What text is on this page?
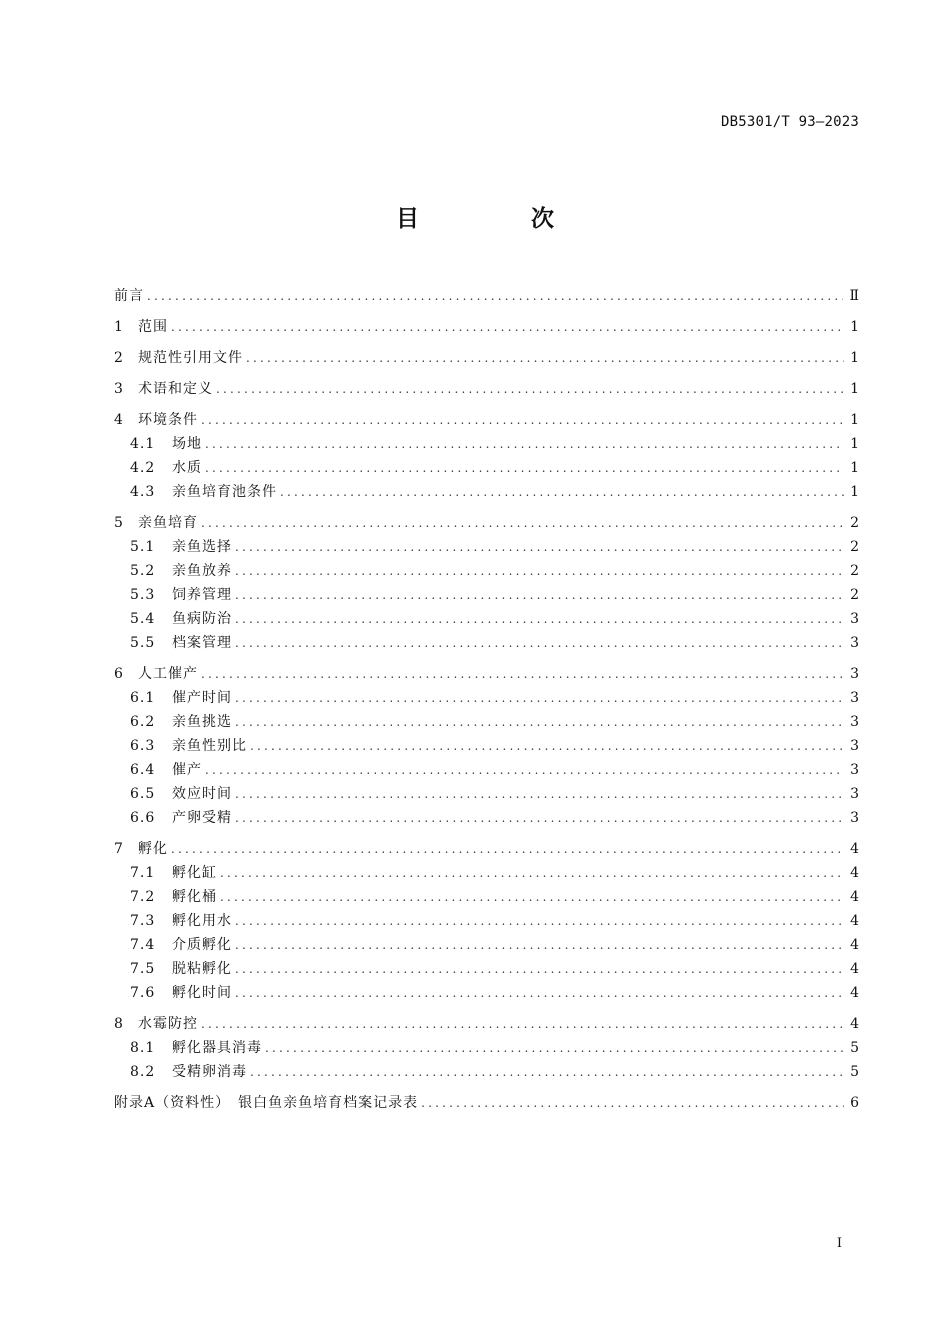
DB5301/T 93—2023
目 次
前言 .....	Ⅱ
1	范围 .....	1
2	规范性引用文件 .....	1
3	术语和定义 .....	1
4	环境条件 .....	1
4.1	场地 .....	1
4.2	水质 .....	1
4.3	亲鱼培育池条件 .....	1
5	亲鱼培育 .....	2
5.1	亲鱼选择 .....	2
5.2	亲鱼放养 .....	2
5.3	饲养管理 .....	2
5.4	鱼病防治 .....	3
5.5	档案管理 .....	3
6	人工催产 .....	3
6.1	催产时间 .....	3
6.2	亲鱼挑选 .....	3
6.3	亲鱼性别比 .....	3
6.4	催产 .....	3
6.5	效应时间 .....	3
6.6	产卵受精 .....	3
7	孵化 .....	4
7.1	孵化缸 .....	4
7.2	孵化桶 .....	4
7.3	孵化用水 .....	4
7.4	介质孵化 .....	4
7.5	脱粘孵化 .....	4
7.6	孵化时间 .....	4
8	水霉防控 .....	4
8.1	孵化器具消毒 .....	5
8.2	受精卵消毒 .....	5
附录A（资料性）　银白鱼亲鱼培育档案记录表 .....	6
I
